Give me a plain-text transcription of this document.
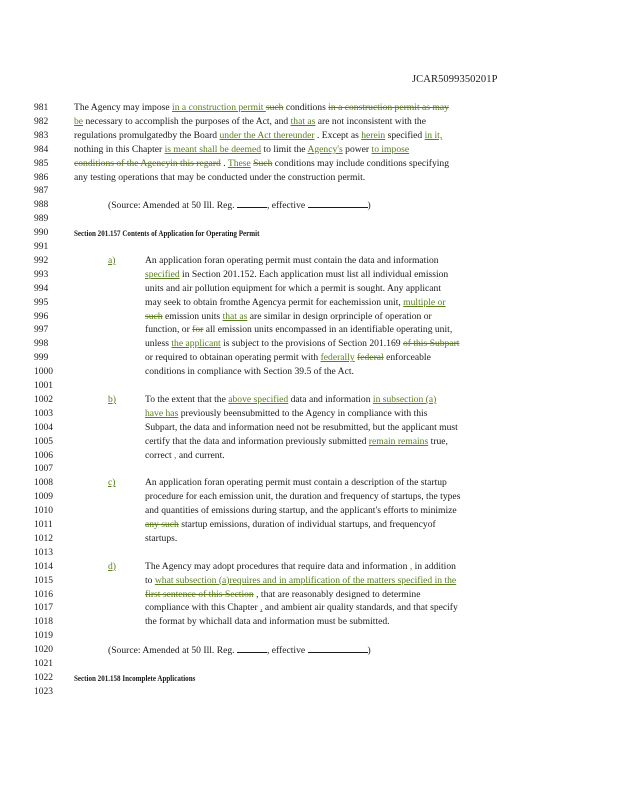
JCAR5099350201P
981	The Agency may impose in a construction permit such conditions in a construction permit as may
982	be necessary to accomplish the purposes of the Act, and that as are not inconsistent with the
983	regulations promulgatedby the Board under the Act thereunder . Except as herein specified in it,
984	nothing in this Chapter is meant shall be deemed to limit the Agency's power to impose
985	conditions of the Agencyin this regard . These Such conditions may include conditions specifying
986	any testing operations that may be conducted under the construction permit.
987
988	(Source: Amended at 50 Ill. Reg.	, effective	)
989
990	Section 201.157 Contents of Application for Operating Permit
991
992	a)	An application foran operating permit must contain the data and information
993	specified in Section 201.152. Each application must list all individual emission
994	units and air pollution equipment for which a permit is sought. Any applicant
995	may seek to obtain fromthe Agencya permit for eachemission unit, multiple or
996	such emission units that as are similar in design orprinciple of operation or
997	function, or for all emission units encompassed in an identifiable operating unit,
998	unless the applicant is subject to the provisions of Section 201.169 of this Subpart
999	or required to obtainan operating permit with federally federal enforceable
1000	conditions in compliance with Section 39.5 of the Act.
1001
1002	b)	To the extent that the above specified data and information in subsection (a)
1003	have has previously beensubmitted to the Agency in compliance with this
1004	Subpart, the data and information need not be resubmitted, but the applicant must
1005	certify that the data and information previously submitted remain remains true,
1006	correct , and current.
1007
1008	c)	An application foran operating permit must contain a description of the startup
1009	procedure for each emission unit, the duration and frequency of startups, the types
1010	and quantities of emissions during startup, and the applicant's efforts to minimize
1011	any such startup emissions, duration of individual startups, and frequencyof
1012	startups.
1013
1014	d)	The Agency may adopt procedures that require data and information , in addition
1015	to what subsection (a)requires and in amplification of the matters specified in the
1016	first sentence of this Section , that are reasonably designed to determine
1017	compliance with this Chapter , and ambient air quality standards, and that specify
1018	the format by whichall data and information must be submitted.
1019
1020	(Source: Amended at 50 Ill. Reg.	, effective	)
1021
1022	Section 201.158 Incomplete Applications
1023
